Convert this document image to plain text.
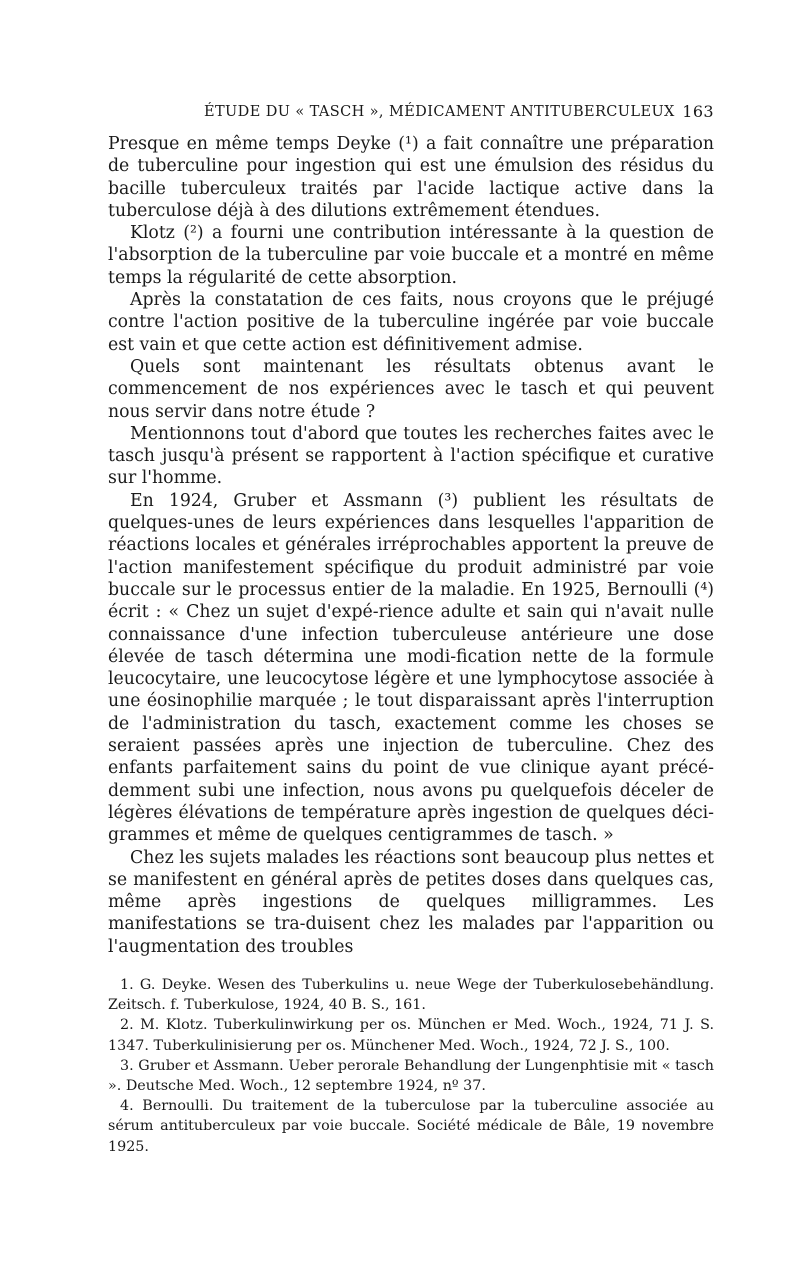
ÉTUDE DU « TASCH », MÉDICAMENT ANTITUBERCULEUX 163

Presque en même temps Deyke (¹) a fait connaître une préparation de tuberculine pour ingestion qui est une émulsion des résidus du bacille tuberculeux traités par l'acide lactique active dans la tuberculose déjà à des dilutions extrêmement étendues.

Klotz (²) a fourni une contribution intéressante à la question de l'absorption de la tuberculine par voie buccale et a montré en même temps la régularité de cette absorption.

Après la constatation de ces faits, nous croyons que le préjugé contre l'action positive de la tuberculine ingérée par voie buccale est vain et que cette action est définitivement admise.

Quels sont maintenant les résultats obtenus avant le commencement de nos expériences avec le tasch et qui peuvent nous servir dans notre étude ?

Mentionnons tout d'abord que toutes les recherches faites avec le tasch jusqu'à présent se rapportent à l'action spécifique et curative sur l'homme.

En 1924, Gruber et Assmann (³) publient les résultats de quelques-unes de leurs expériences dans lesquelles l'apparition de réactions locales et générales irréprochables apportent la preuve de l'action manifestement spécifique du produit administré par voie buccale sur le processus entier de la maladie. En 1925, Bernoulli (⁴) écrit : « Chez un sujet d'expé-rience adulte et sain qui n'avait nulle connaissance d'une infection tuberculeuse antérieure une dose élevée de tasch détermina une modi-fication nette de la formule leucocytaire, une leucocytose légère et une lymphocytose associée à une éosinophilie marquée ; le tout disparaissant après l'interruption de l'administration du tasch, exactement comme les choses se seraient passées après une injection de tuberculine. Chez des enfants parfaitement sains du point de vue clinique ayant précé-demment subi une infection, nous avons pu quelquefois déceler de légères élévations de température après ingestion de quelques déci-grammes et même de quelques centigrammes de tasch. »

Chez les sujets malades les réactions sont beaucoup plus nettes et se manifestent en général après de petites doses dans quelques cas, même après ingestions de quelques milligrammes. Les manifestations se tra-duisent chez les malades par l'apparition ou l'augmentation des troubles

1. G. Deyke. Wesen des Tuberkulins u. neue Wege der Tuberkulosebehändlung. Zeitsch. f. Tuberkulose, 1924, 40 B. S., 161.

2. M. Klotz. Tuberkulinwirkung per os. München er Med. Woch., 1924, 71 J. S. 1347. Tuberkulinisierung per os. Münchener Med. Woch., 1924, 72 J. S., 100.

3. Gruber et Assmann. Ueber perorale Behandlung der Lungenphtisie mit « tasch ». Deutsche Med. Woch., 12 septembre 1924, nº 37.

4. Bernoulli. Du traitement de la tuberculose par la tuberculine associée au sérum antituberculeux par voie buccale. Société médicale de Bâle, 19 novembre 1925.
